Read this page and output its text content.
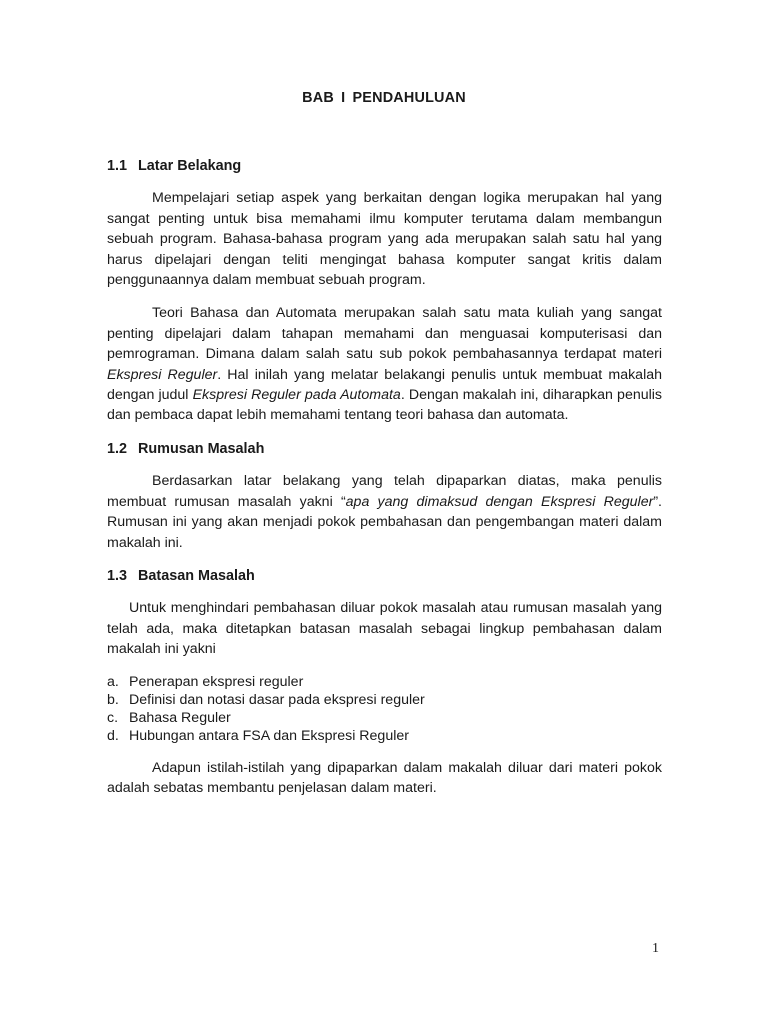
BAB I PENDAHULUAN
1.1 Latar Belakang

Mempelajari setiap aspek yang berkaitan dengan logika merupakan hal yang sangat penting untuk bisa memahami ilmu komputer terutama dalam membangun sebuah program. Bahasa-bahasa program yang ada merupakan salah satu hal yang harus dipelajari dengan teliti mengingat bahasa komputer sangat kritis dalam penggunaannya dalam membuat sebuah program.

Teori Bahasa dan Automata merupakan salah satu mata kuliah yang sangat penting dipelajari dalam tahapan memahami dan menguasai komputerisasi dan pemrograman. Dimana dalam salah satu sub pokok pembahasannya terdapat materi Ekspresi Reguler. Hal inilah yang melatar belakangi penulis untuk membuat makalah dengan judul Ekspresi Reguler pada Automata. Dengan makalah ini, diharapkan penulis dan pembaca dapat lebih memahami tentang teori bahasa dan automata.

1.2 Rumusan Masalah

Berdasarkan latar belakang yang telah dipaparkan diatas, maka penulis membuat rumusan masalah yakni “apa yang dimaksud dengan Ekspresi Reguler”. Rumusan ini yang akan menjadi pokok pembahasan dan pengembangan materi dalam makalah ini.

1.3 Batasan Masalah

Untuk menghindari pembahasan diluar pokok masalah atau rumusan masalah yang telah ada, maka ditetapkan batasan masalah sebagai lingkup pembahasan dalam makalah ini yakni

a. Penerapan ekspresi reguler
b. Definisi dan notasi dasar pada ekspresi reguler
c. Bahasa Reguler
d. Hubungan antara FSA dan Ekspresi Reguler

Adapun istilah-istilah yang dipaparkan dalam makalah diluar dari materi pokok adalah sebatas membantu penjelasan dalam materi.

1
